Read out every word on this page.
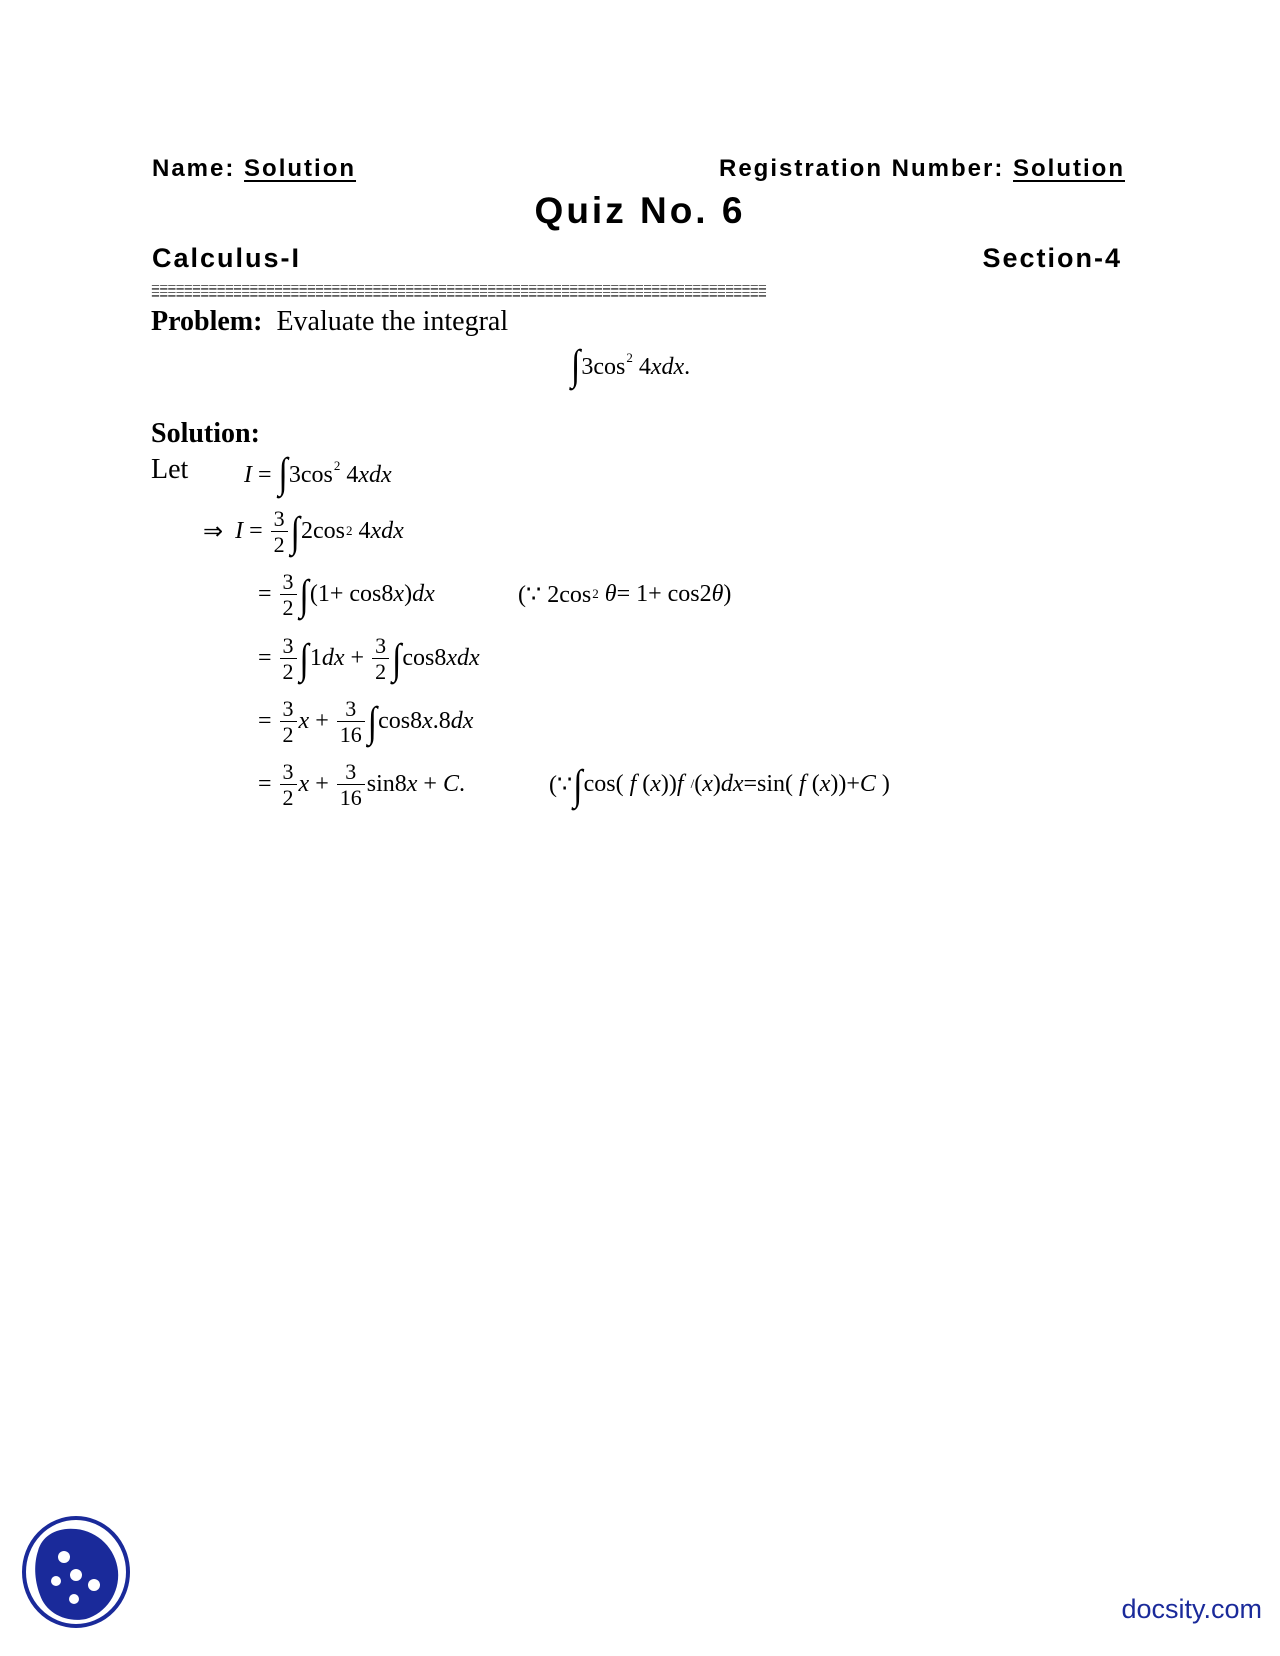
Name: Solution	Registration Number: Solution
Quiz No. 6
Calculus-I	Section-4
Problem: Evaluate the integral
$\int 3\cos^2$ 4xdx.
Solution:
Let $I = \int 3\cos^2$ 4xdx
⇒ $I = \frac{3}{2}$ ∫ 2cos 2 4 xdx
= $\frac{3}{2}$ ∫ (1+ cos8 x ) dx	(∵ 2cos 2
θ = 1+ cos2 θ )
= $\frac{3}{2}$ ∫ 1 dx + $\frac{3}{2}$ ∫ cos8 xdx
= $\frac{3}{2}$ $x + \frac{3}{16}$ ∫ cos8 x .8 dx
= $\frac{3}{2}$ $x + \frac{3}{16} \sin 8$ x + C .	(∵ ∫ cos( f ( x )) f
/ ( x ) dx =sin( f ( x ))+ C )
docsity.com
